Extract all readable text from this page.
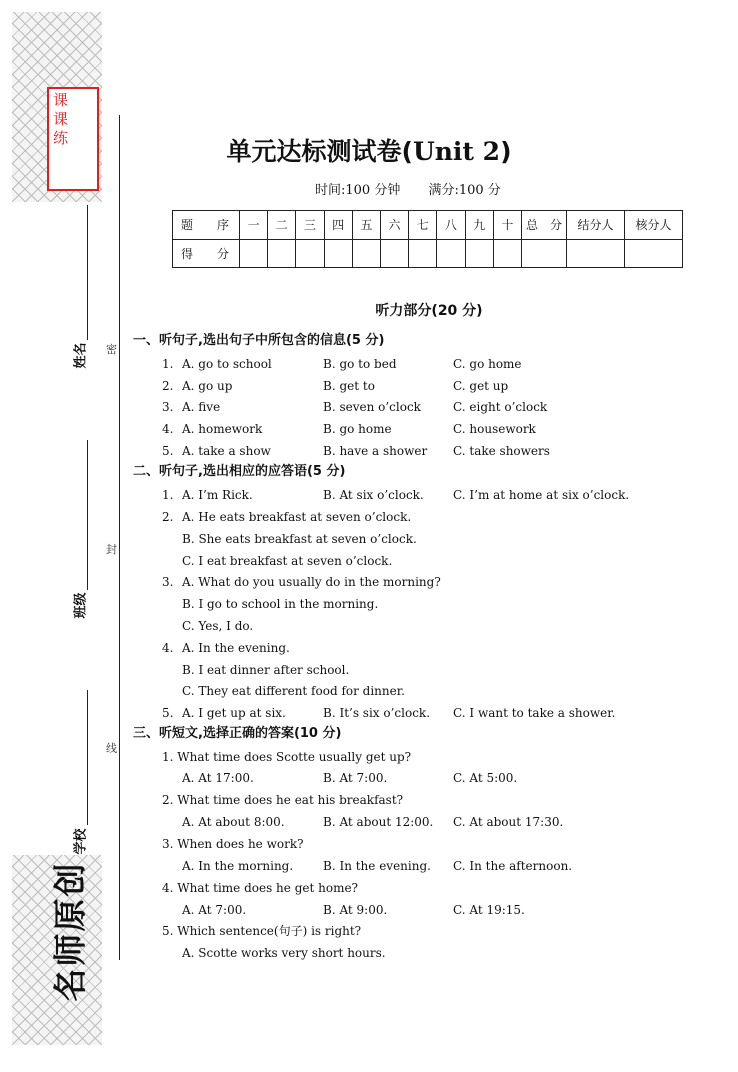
课
课
练
名师原创
姓名
班级
学校
密
封
线
单元达标测试卷(Unit 2)
时间:100 分钟 满分:100 分
题　序	一	二	三	四	五	六	七	八	九	十	总　分	结分人	核分人
得　分													
听力部分(20 分)
一、听句子,选出句子中所包含的信息(5 分)
1. A. go to school	B. go to bed	C. go home
2. A. go up	B. get to	C. get up
3. A. five	B. seven o’clock	C. eight o’clock
4. A. homework	B. go home	C. housework
5. A. take a show	B. have a shower C. take showers
二、听句子,选出相应的应答语(5 分)
1. A. I’m Rick.	B. At six o’clock. C. I’m at home at six o’clock.
2. A. He eats breakfast at seven o’clock.
B. She eats breakfast at seven o’clock.
C. I eat breakfast at seven o’clock.
3. A. What do you usually do in the morning?
B. I go to school in the morning.
C. Yes, I do.
4. A. In the evening.
B. I eat dinner after school.
C. They eat different food for dinner.
5. A. I get up at six.	B. It’s six o’clock. C. I want to take a shower.
三、听短文,选择正确的答案(10 分)
1. What time does Scotte usually get up?
A. At 17:00.	B. At 7:00.	C. At 5:00.
2. What time does he eat his breakfast?
A. At about 8:00.	B. At about 12:00. C. At about 17:30.
3. When does he work?
A. In the morning. B. In the evening. C. In the afternoon.
4. What time does he get home?
A. At 7:00.	B. At 9:00.	C. At 19:15.
5. Which sentence(句子) is right?
A. Scotte works very short hours.
